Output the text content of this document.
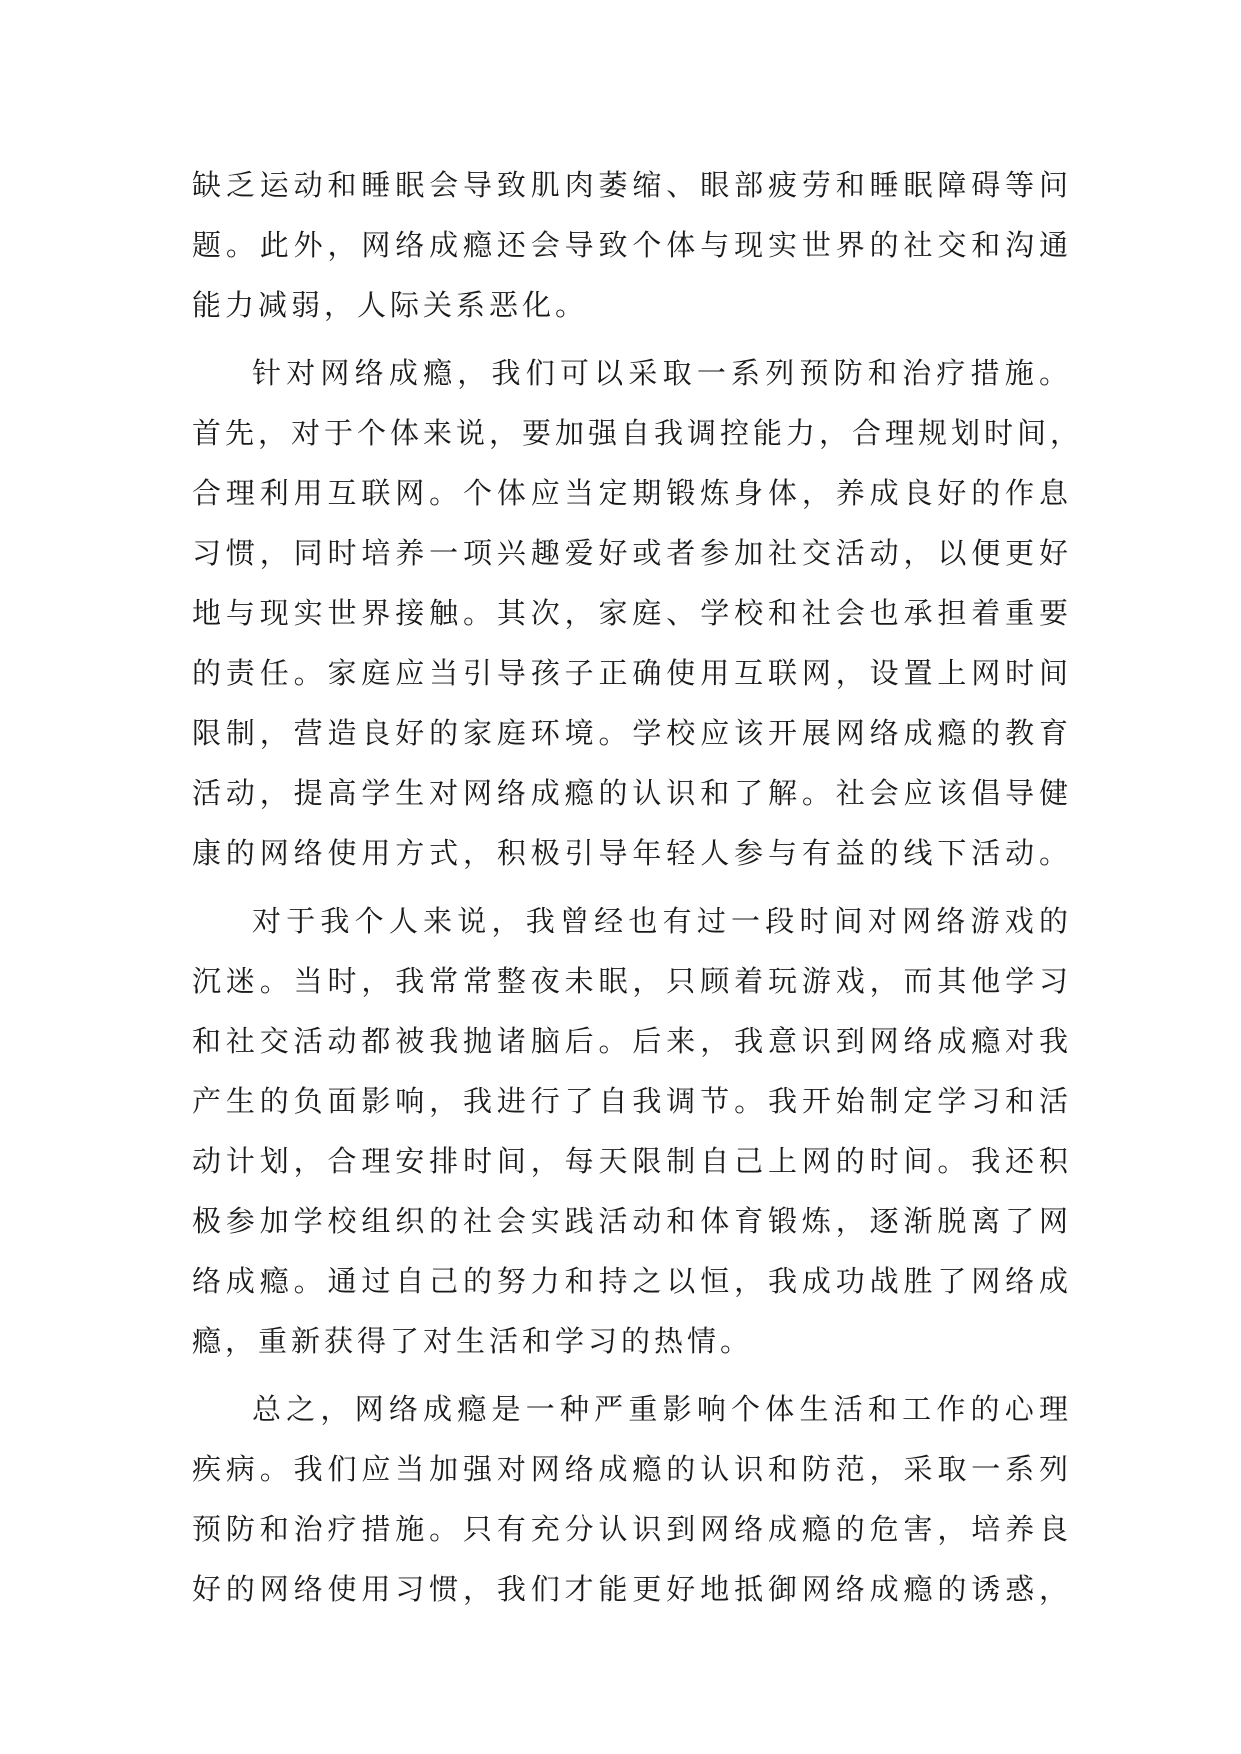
缺乏运动和睡眠会导致肌肉萎缩、眼部疲劳和睡眠障碍等问
题。此外，网络成瘾还会导致个体与现实世界的社交和沟通
能力减弱，人际关系恶化。
针对网络成瘾，我们可以采取一系列预防和治疗措施。
首先，对于个体来说，要加强自我调控能力，合理规划时间，
合理利用互联网。个体应当定期锻炼身体，养成良好的作息
习惯，同时培养一项兴趣爱好或者参加社交活动，以便更好
地与现实世界接触。其次，家庭、学校和社会也承担着重要
的责任。家庭应当引导孩子正确使用互联网，设置上网时间
限制，营造良好的家庭环境。学校应该开展网络成瘾的教育
活动，提高学生对网络成瘾的认识和了解。社会应该倡导健
康的网络使用方式，积极引导年轻人参与有益的线下活动。
对于我个人来说，我曾经也有过一段时间对网络游戏的
沉迷。当时，我常常整夜未眠，只顾着玩游戏，而其他学习
和社交活动都被我抛诸脑后。后来，我意识到网络成瘾对我
产生的负面影响，我进行了自我调节。我开始制定学习和活
动计划，合理安排时间，每天限制自己上网的时间。我还积
极参加学校组织的社会实践活动和体育锻炼，逐渐脱离了网
络成瘾。通过自己的努力和持之以恒，我成功战胜了网络成
瘾，重新获得了对生活和学习的热情。
总之，网络成瘾是一种严重影响个体生活和工作的心理
疾病。我们应当加强对网络成瘾的认识和防范，采取一系列
预防和治疗措施。只有充分认识到网络成瘾的危害，培养良
好的网络使用习惯，我们才能更好地抵御网络成瘾的诱惑，
